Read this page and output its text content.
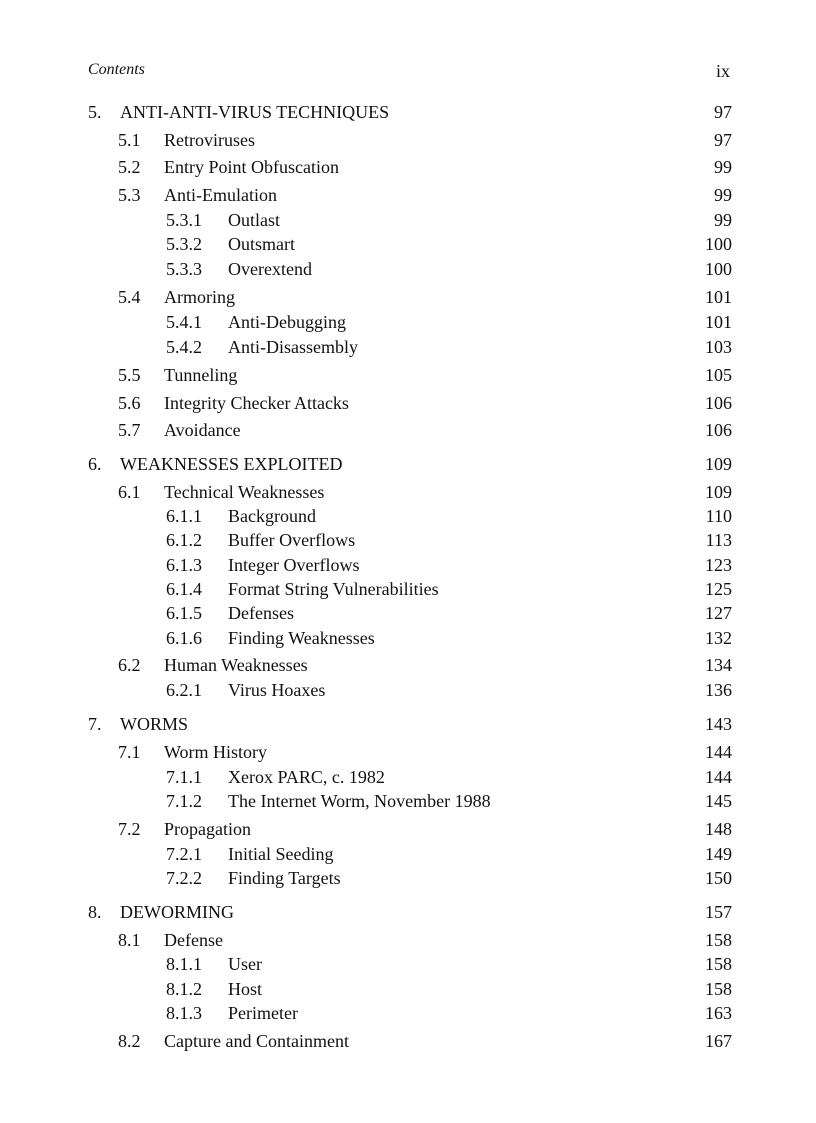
Contents	ix
5. ANTI-ANTI-VIRUS TECHNIQUES	97
5.1 Retroviruses	97
5.2 Entry Point Obfuscation	99
5.3 Anti-Emulation	99
5.3.1 Outlast	99
5.3.2 Outsmart	100
5.3.3 Overextend	100
5.4 Armoring	101
5.4.1 Anti-Debugging	101
5.4.2 Anti-Disassembly	103
5.5 Tunneling	105
5.6 Integrity Checker Attacks	106
5.7 Avoidance	106
6. WEAKNESSES EXPLOITED	109
6.1 Technical Weaknesses	109
6.1.1 Background	110
6.1.2 Buffer Overflows	113
6.1.3 Integer Overflows	123
6.1.4 Format String Vulnerabilities	125
6.1.5 Defenses	127
6.1.6 Finding Weaknesses	132
6.2 Human Weaknesses	134
6.2.1 Virus Hoaxes	136
7. WORMS	143
7.1 Worm History	144
7.1.1 Xerox PARC, c. 1982	144
7.1.2 The Internet Worm, November 1988	145
7.2 Propagation	148
7.2.1 Initial Seeding	149
7.2.2 Finding Targets	150
8. DEWORMING	157
8.1 Defense	158
8.1.1 User	158
8.1.2 Host	158
8.1.3 Perimeter	163
8.2 Capture and Containment	167
